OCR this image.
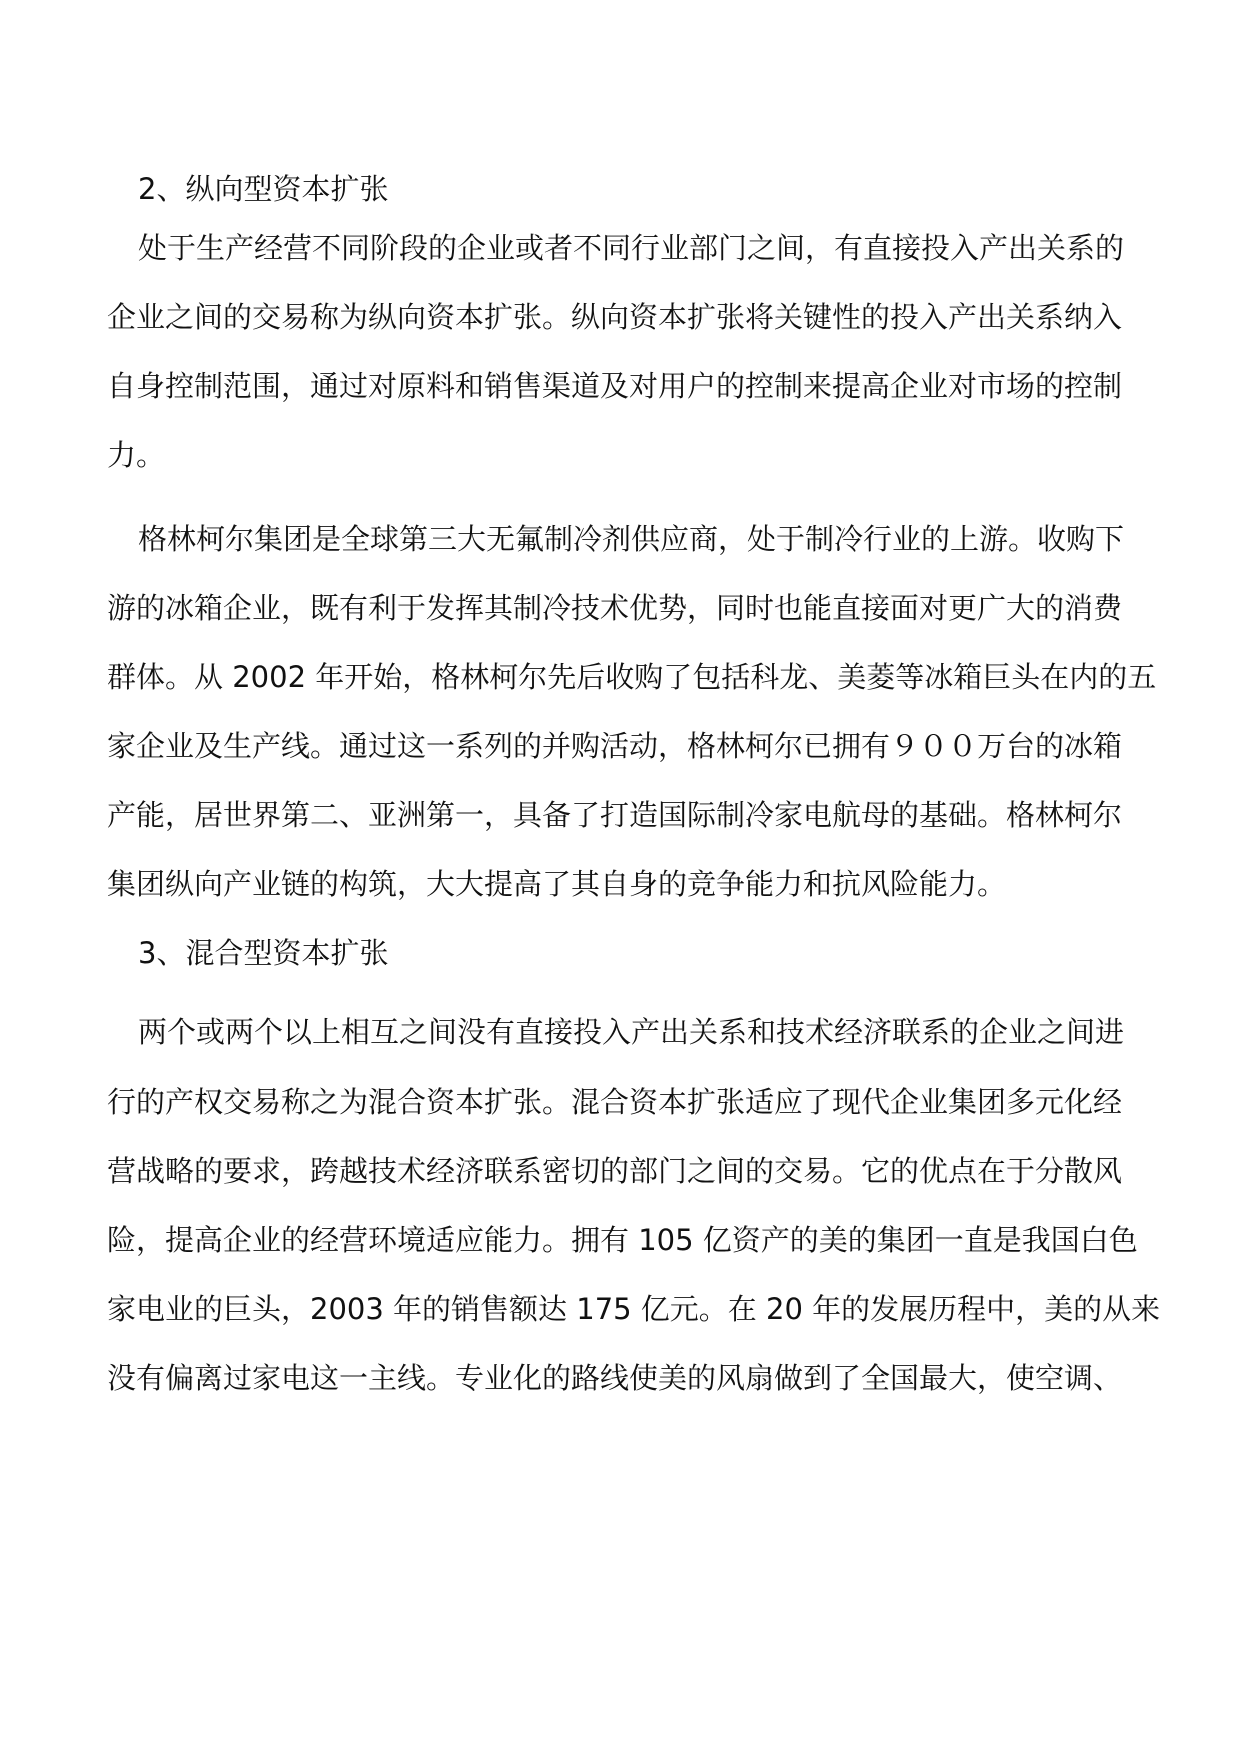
2、纵向型资本扩张
处于生产经营不同阶段的企业或者不同行业部门之间，有直接投入产出关系的
企业之间的交易称为纵向资本扩张。纵向资本扩张将关键性的投入产出关系纳入
自身控制范围，通过对原料和销售渠道及对用户的控制来提高企业对市场的控制
力。
格林柯尔集团是全球第三大无氟制冷剂供应商，处于制冷行业的上游。收购下
游的冰箱企业，既有利于发挥其制冷技术优势，同时也能直接面对更广大的消费
群体。从 2002 年开始，格林柯尔先后收购了包括科龙、美菱等冰箱巨头在内的五
家企业及生产线。通过这一系列的并购活动，格林柯尔已拥有９００万台的冰箱
产能，居世界第二、亚洲第一，具备了打造国际制冷家电航母的基础。格林柯尔
集团纵向产业链的构筑，大大提高了其自身的竞争能力和抗风险能力。
3、混合型资本扩张
两个或两个以上相互之间没有直接投入产出关系和技术经济联系的企业之间进
行的产权交易称之为混合资本扩张。混合资本扩张适应了现代企业集团多元化经
营战略的要求，跨越技术经济联系密切的部门之间的交易。它的优点在于分散风
险，提高企业的经营环境适应能力。拥有 105 亿资产的美的集团一直是我国白色
家电业的巨头，2003 年的销售额达 175 亿元。在 20 年的发展历程中，美的从来
没有偏离过家电这一主线。专业化的路线使美的风扇做到了全国最大，使空调、
